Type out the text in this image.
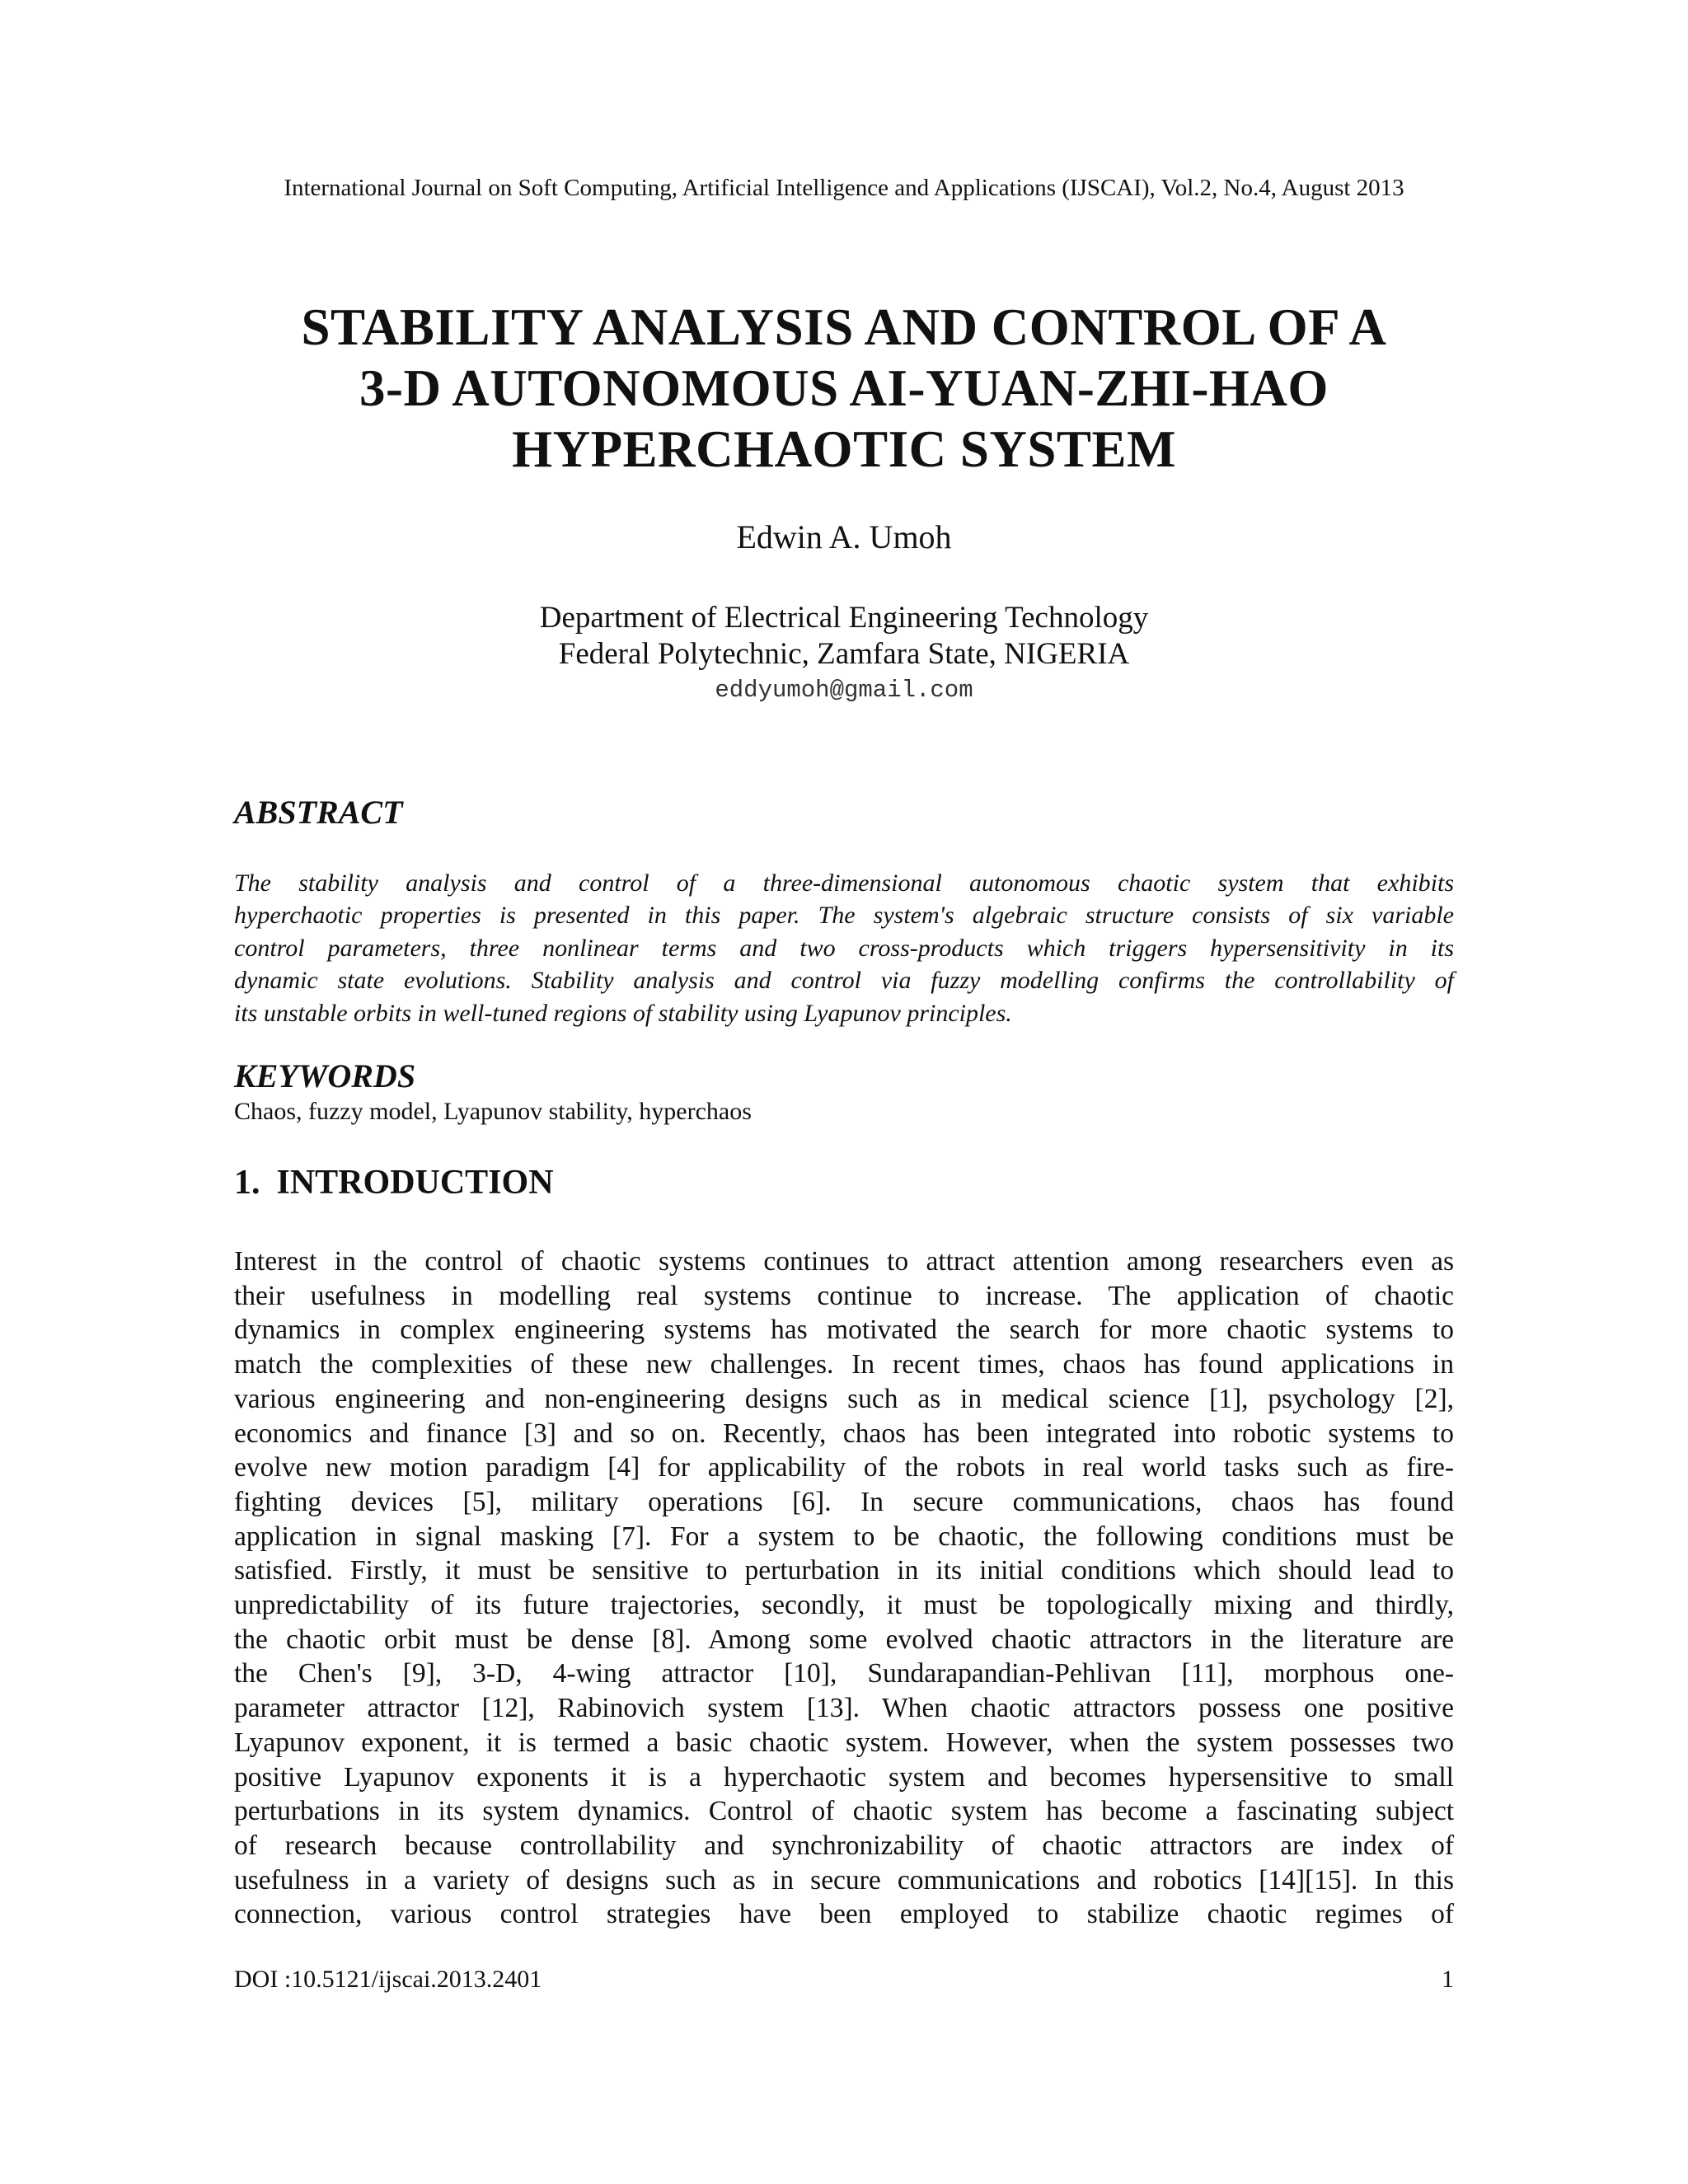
International Journal on Soft Computing, Artificial Intelligence and Applications (IJSCAI), Vol.2, No.4, August 2013
STABILITY ANALYSIS AND CONTROL OF A
3-D AUTONOMOUS AI-YUAN-ZHI-HAO
HYPERCHAOTIC SYSTEM
Edwin A. Umoh
Department of Electrical Engineering Technology
Federal Polytechnic, Zamfara State, NIGERIA
eddyumoh@gmail.com
ABSTRACT
The stability analysis and control of a three-dimensional autonomous chaotic system that exhibits
hyperchaotic properties is presented in this paper. The system's algebraic structure consists of six variable
control parameters, three nonlinear terms and two cross-products which triggers hypersensitivity in its
dynamic state evolutions. Stability analysis and control via fuzzy modelling confirms the controllability of
its unstable orbits in well-tuned regions of stability using Lyapunov principles.
KEYWORDS
Chaos, fuzzy model, Lyapunov stability, hyperchaos
1. INTRODUCTION
Interest in the control of chaotic systems continues to attract attention among researchers even as
their usefulness in modelling real systems continue to increase. The application of chaotic
dynamics in complex engineering systems has motivated the search for more chaotic systems to
match the complexities of these new challenges. In recent times, chaos has found applications in
various engineering and non-engineering designs such as in medical science [1], psychology [2],
economics and finance [3] and so on. Recently, chaos has been integrated into robotic systems to
evolve new motion paradigm [4] for applicability of the robots in real world tasks such as fire-
fighting devices [5], military operations [6]. In secure communications, chaos has found
application in signal masking [7]. For a system to be chaotic, the following conditions must be
satisfied. Firstly, it must be sensitive to perturbation in its initial conditions which should lead to
unpredictability of its future trajectories, secondly, it must be topologically mixing and thirdly,
the chaotic orbit must be dense [8]. Among some evolved chaotic attractors in the literature are
the Chen's [9], 3-D, 4-wing attractor [10], Sundarapandian-Pehlivan [11], morphous one-
parameter attractor [12], Rabinovich system [13]. When chaotic attractors possess one positive
Lyapunov exponent, it is termed a basic chaotic system. However, when the system possesses two
positive Lyapunov exponents it is a hyperchaotic system and becomes hypersensitive to small
perturbations in its system dynamics. Control of chaotic system has become a fascinating subject
of research because controllability and synchronizability of chaotic attractors are index of
usefulness in a variety of designs such as in secure communications and robotics [14][15]. In this
connection, various control strategies have been employed to stabilize chaotic regimes of
DOI :10.5121/ijscai.2013.2401	1
